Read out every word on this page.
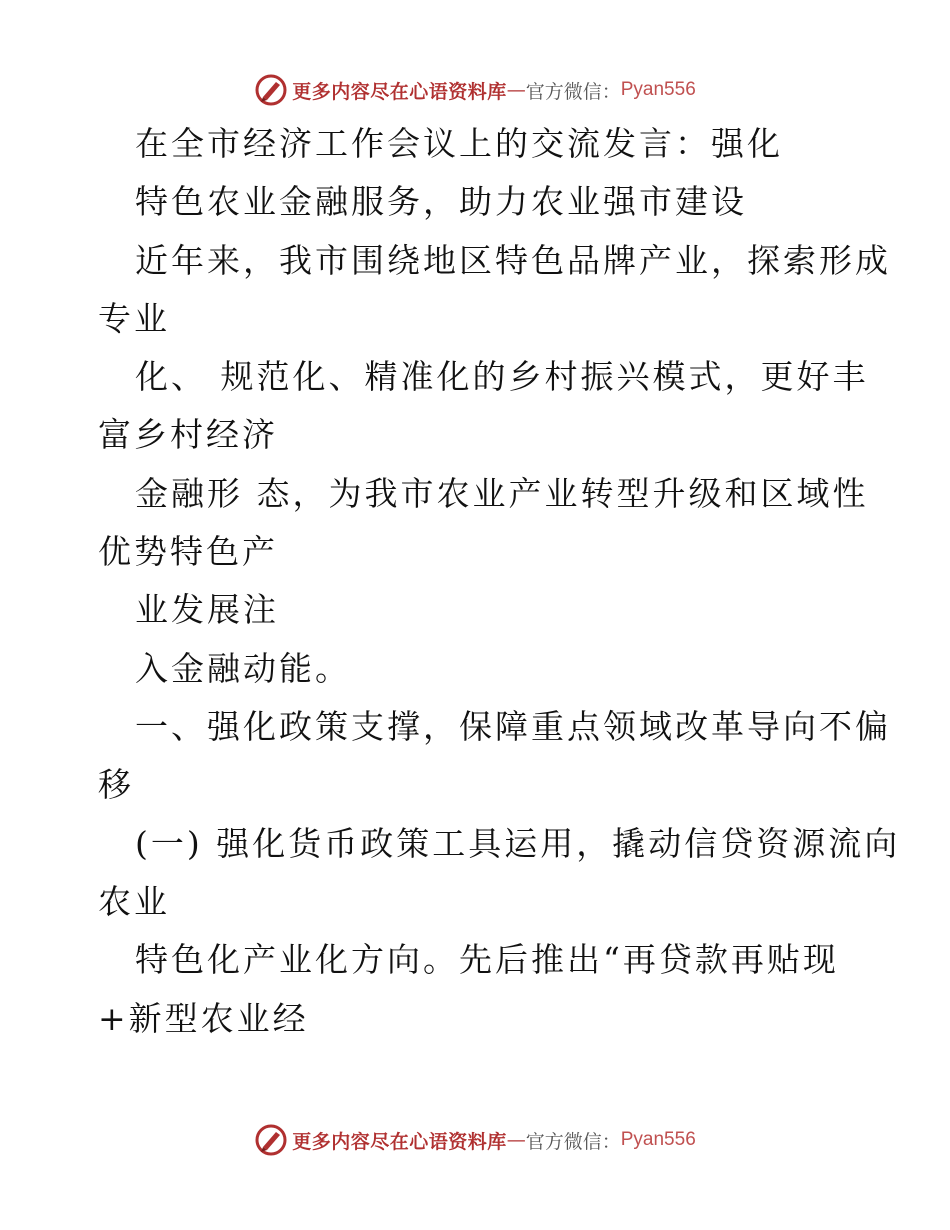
更多内容尽在心语资料库 — 官方微信： Pyan556
在全市经济工作会议上的交流发言：强化
特色农业金融服务，助力农业强市建设
近年来，我市围绕地区特色品牌产业，探索形成
专业
化、 规范化、精准化的乡村振兴模式，更好丰
富乡村经济
金融形 态，为我市农业产业转型升级和区域性
优势特色产
业发展注
入金融动能。
一、强化政策支撑，保障重点领域改革导向不偏
移
(一) 强化货币政策工具运用，撬动信贷资源流向
农业
特色化产业化方向。先后推出“再贷款再贴现
+新型农业经
更多内容尽在心语资料库 — 官方微信： Pyan556
